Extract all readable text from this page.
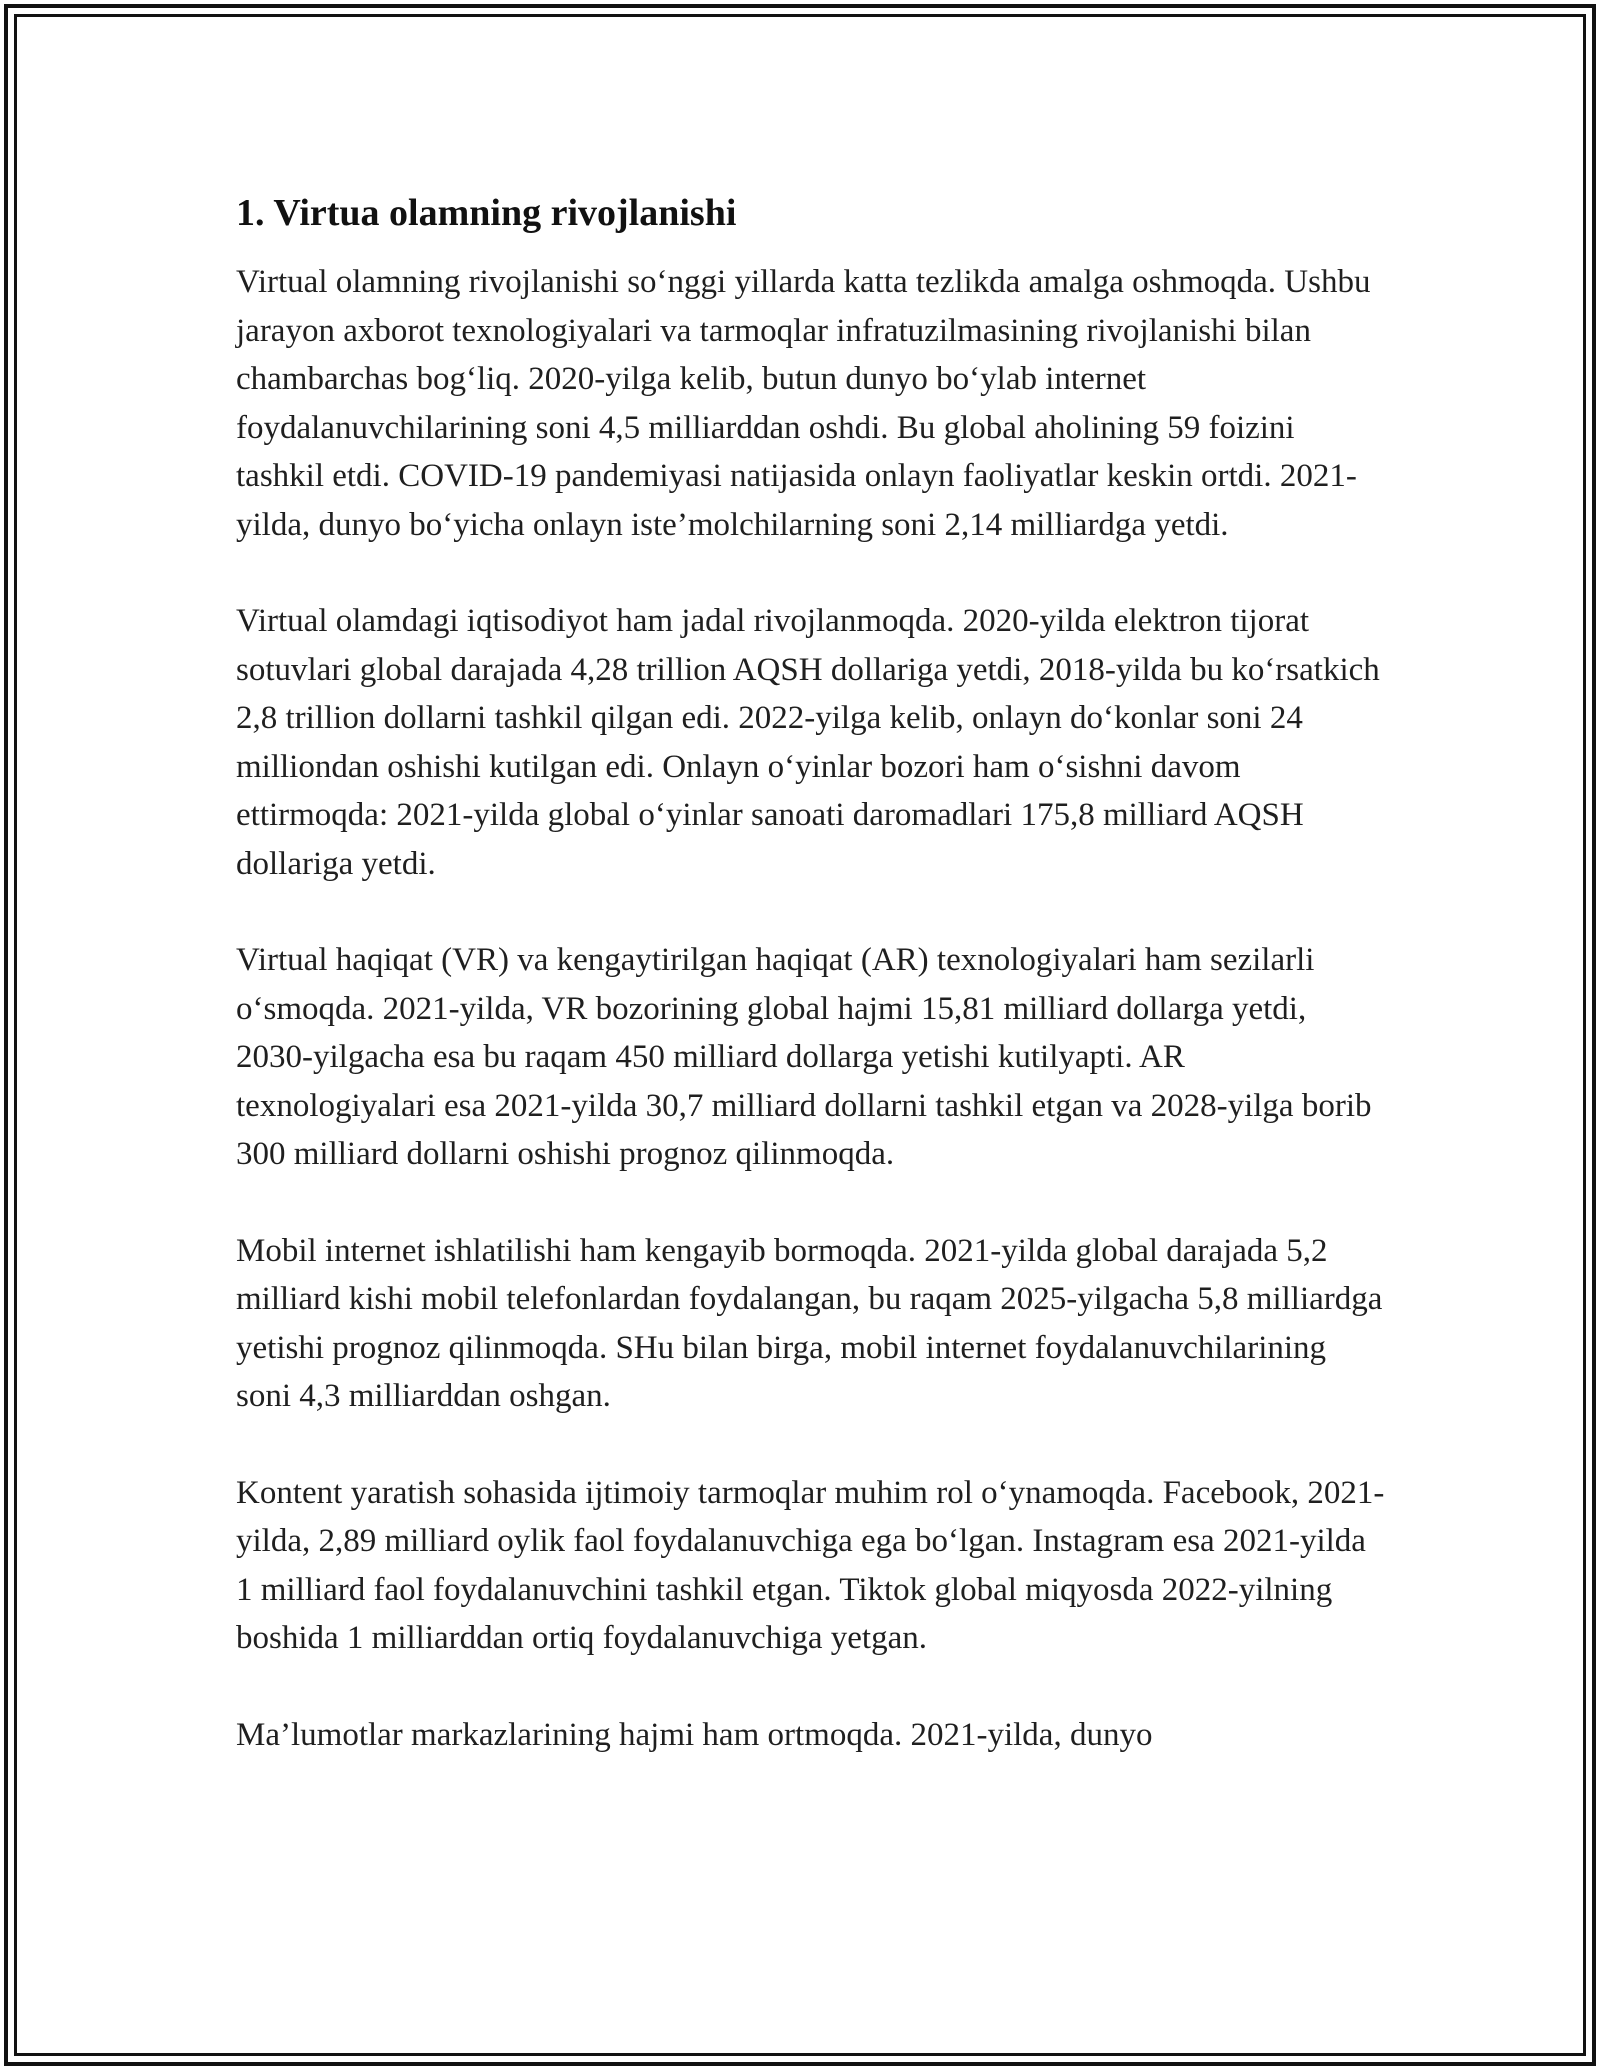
1. Virtua olamning rivojlanishi

Virtual olamning rivojlanishi so‘nggi yillarda katta tezlikda amalga oshmoqda. Ushbu jarayon axborot texnologiyalari va tarmoqlar infratuzilmasining rivojlanishi bilan chambarchas bog‘liq. 2020-yilga kelib, butun dunyo bo‘ylab internet foydalanuvchilarining soni 4,5 milliarddan oshdi. Bu global aholining 59 foizini tashkil etdi. COVID-19 pandemiyasi natijasida onlayn faoliyatlar keskin ortdi. 2021-yilda, dunyo bo‘yicha onlayn iste’molchilarning soni 2,14 milliardga yetdi.

Virtual olamdagi iqtisodiyot ham jadal rivojlanmoqda. 2020-yilda elektron tijorat sotuvlari global darajada 4,28 trillion AQSH dollariga yetdi, 2018-yilda bu ko‘rsatkich 2,8 trillion dollarni tashkil qilgan edi. 2022-yilga kelib, onlayn do‘konlar soni 24 milliondan oshishi kutilgan edi. Onlayn o‘yinlar bozori ham o‘sishni davom ettirmoqda: 2021-yilda global o‘yinlar sanoati daromadlari 175,8 milliard AQSH dollariga yetdi.

Virtual haqiqat (VR) va kengaytirilgan haqiqat (AR) texnologiyalari ham sezilarli o‘smoqda. 2021-yilda, VR bozorining global hajmi 15,81 milliard dollarga yetdi, 2030-yilgacha esa bu raqam 450 milliard dollarga yetishi kutilyapti. AR texnologiyalari esa 2021-yilda 30,7 milliard dollarni tashkil etgan va 2028-yilga borib 300 milliard dollarni oshishi prognoz qilinmoqda.

Mobil internet ishlatilishi ham kengayib bormoqda. 2021-yilda global darajada 5,2 milliard kishi mobil telefonlardan foydalangan, bu raqam 2025-yilgacha 5,8 milliardga yetishi prognoz qilinmoqda. SHu bilan birga, mobil internet foydalanuvchilarining soni 4,3 milliarddan oshgan.

Kontent yaratish sohasida ijtimoiy tarmoqlar muhim rol o‘ynamoqda. Facebook, 2021-yilda, 2,89 milliard oylik faol foydalanuvchiga ega bo‘lgan. Instagram esa 2021-yilda 1 milliard faol foydalanuvchini tashkil etgan. Tiktok global miqyosda 2022-yilning boshida 1 milliarddan ortiq foydalanuvchiga yetgan.

Ma’lumotlar markazlarining hajmi ham ortmoqda. 2021-yilda, dunyo
